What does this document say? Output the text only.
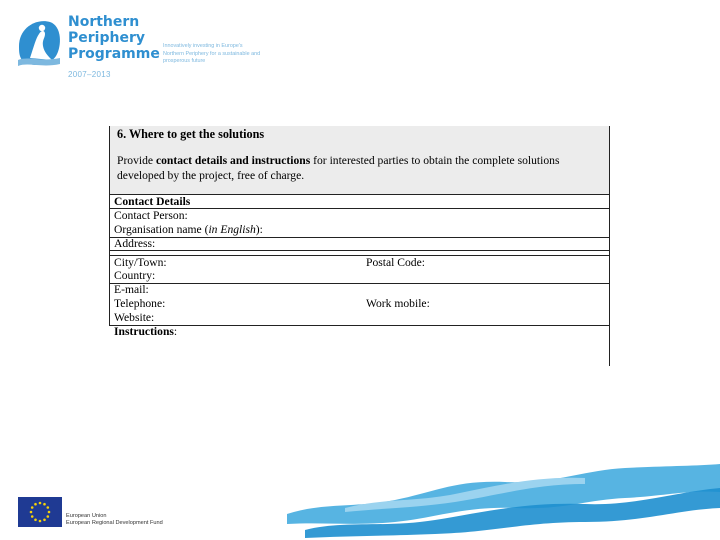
Northern
Periphery
Programme
2007–2013
Innovatively investing in Europe's Northern Periphery for a sustainable and prosperous future
6. Where to get the solutions
Provide contact details and instructions for interested parties to obtain the complete solutions developed by the project, free of charge.
Contact Details
Contact Person:
Organisation name (in English):
Address:
City/Town:	Postal Code:
Country:
E-mail:
Telephone:	Work mobile:
Website:
Instructions:
European Union
European Regional Development Fund
